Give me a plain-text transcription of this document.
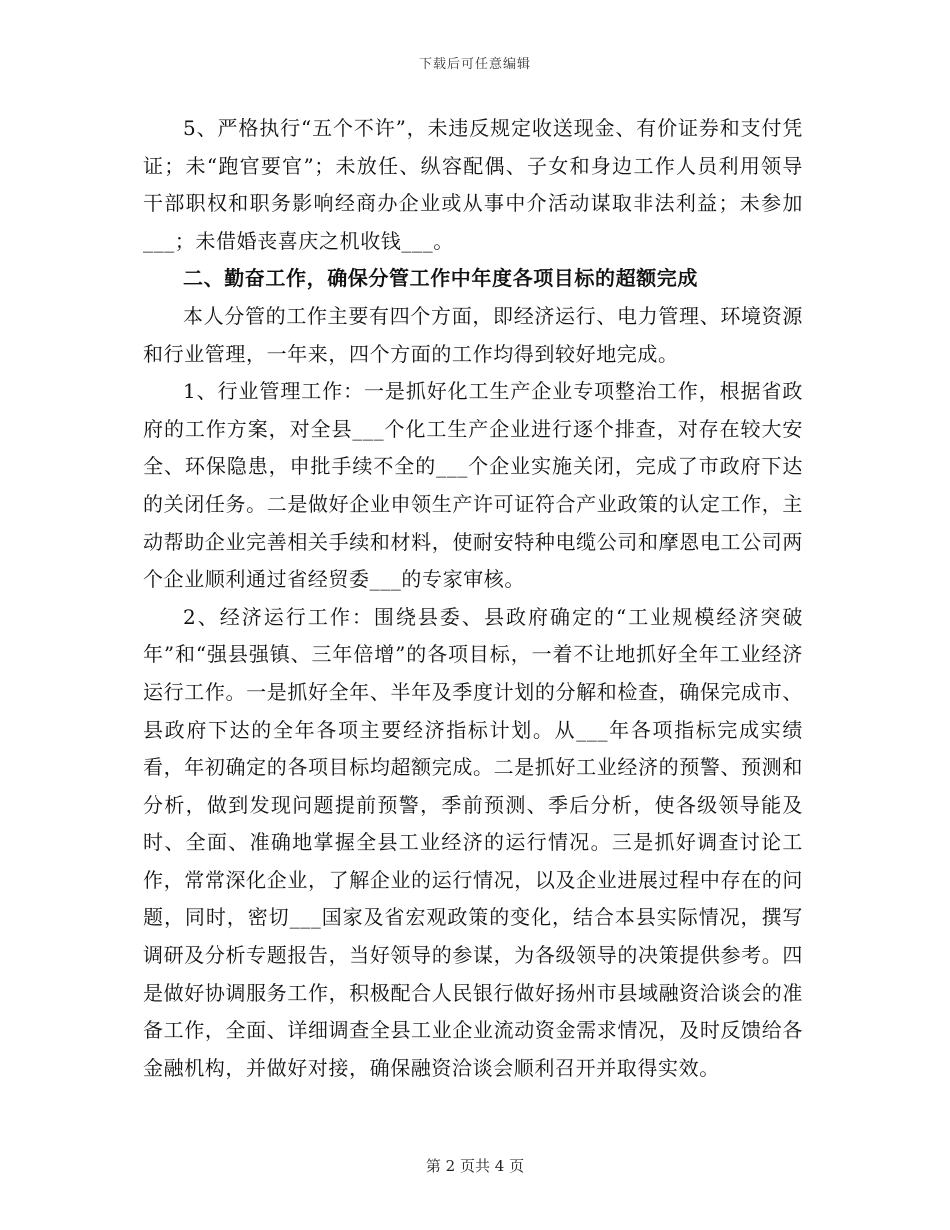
下载后可任意编辑

5、严格执行“五个不许”，未违反规定收送现金、有价证券和支付凭证；未“跑官要官”；未放任、纵容配偶、子女和身边工作人员利用领导干部职权和职务影响经商办企业或从事中介活动谋取非法利益；未参加___；未借婚丧喜庆之机收钱___。

二、勤奋工作，确保分管工作中年度各项目标的超额完成

本人分管的工作主要有四个方面，即经济运行、电力管理、环境资源和行业管理，一年来，四个方面的工作均得到较好地完成。

1、行业管理工作：一是抓好化工生产企业专项整治工作，根据省政府的工作方案，对全县___个化工生产企业进行逐个排查，对存在较大安全、环保隐患，申批手续不全的___个企业实施关闭，完成了市政府下达的关闭任务。二是做好企业申领生产许可证符合产业政策的认定工作，主动帮助企业完善相关手续和材料，使耐安特种电缆公司和摩恩电工公司两个企业顺利通过省经贸委___的专家审核。

2、经济运行工作：围绕县委、县政府确定的“工业规模经济突破年”和“强县强镇、三年倍增”的各项目标，一着不让地抓好全年工业经济运行工作。一是抓好全年、半年及季度计划的分解和检查，确保完成市、县政府下达的全年各项主要经济指标计划。从___年各项指标完成实绩看，年初确定的各项目标均超额完成。二是抓好工业经济的预警、预测和分析，做到发现问题提前预警，季前预测、季后分析，使各级领导能及时、全面、准确地掌握全县工业经济的运行情况。三是抓好调查讨论工作，常常深化企业，了解企业的运行情况，以及企业进展过程中存在的问题，同时，密切___国家及省宏观政策的变化，结合本县实际情况，撰写调研及分析专题报告，当好领导的参谋，为各级领导的决策提供参考。四是做好协调服务工作，积极配合人民银行做好扬州市县域融资洽谈会的准备工作，全面、详细调查全县工业企业流动资金需求情况，及时反馈给各金融机构，并做好对接，确保融资洽谈会顺利召开并取得实效。

第 2 页共 4 页
